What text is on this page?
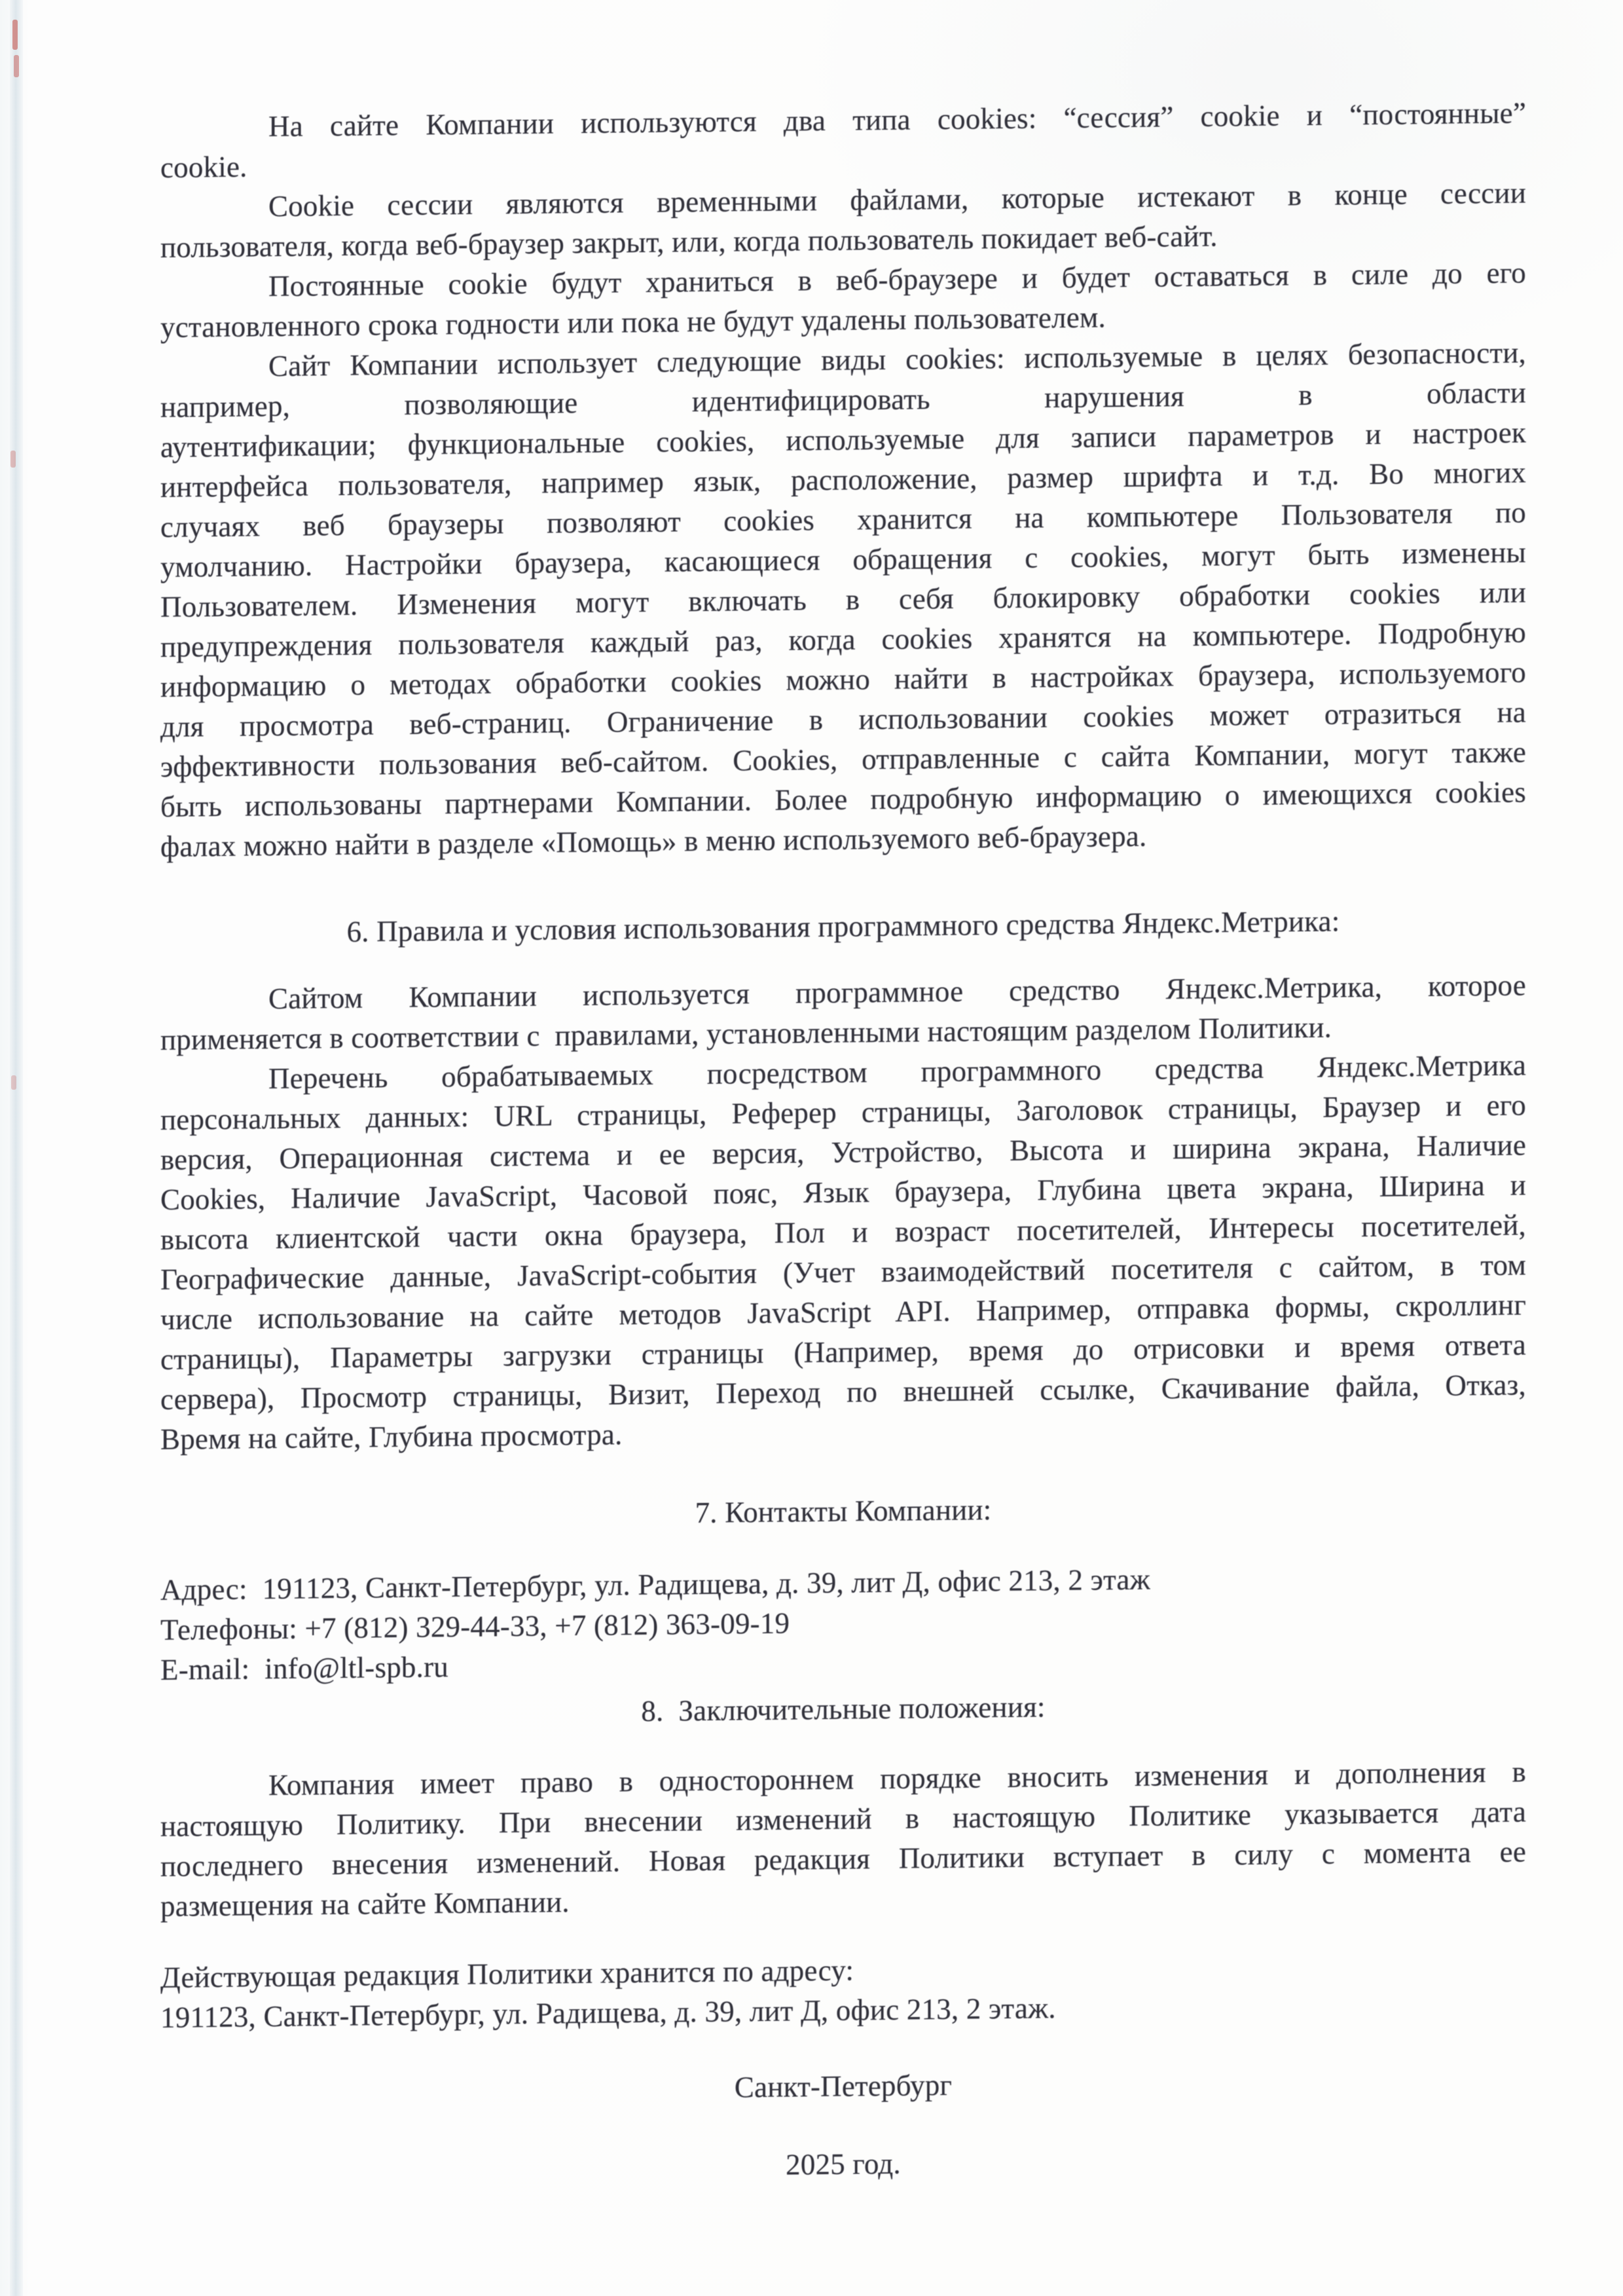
На сайте Компании используются два типа cookies: “сессия” cookie и “постоянные”
cookie.
Cookie сессии являются временными файлами, которые истекают в конце сессии
пользователя, когда веб-браузер закрыт, или, когда пользователь покидает веб-сайт.
Постоянные cookie будут храниться в веб-браузере и будет оставаться в силе до его
установленного срока годности или пока не будут удалены пользователем.
Сайт Компании использует следующие виды cookies: используемые в целях безопасности,
например, позволяющие идентифицировать нарушения в области
аутентификации; функциональные cookies, используемые для записи параметров и настроек
интерфейса пользователя, например язык, расположение, размер шрифта и т.д. Во многих
случаях веб браузеры позволяют cookies хранится на компьютере Пользователя по
умолчанию. Настройки браузера, касающиеся обращения с cookies, могут быть изменены
Пользователем. Изменения могут включать в себя блокировку обработки cookies или
предупреждения пользователя каждый раз, когда cookies хранятся на компьютере. Подробную
информацию о методах обработки cookies можно найти в настройках браузера, используемого
для просмотра веб-страниц. Ограничение в использовании cookies может отразиться на
эффективности пользования веб-сайтом. Cookies, отправленные с сайта Компании, могут также
быть использованы партнерами Компании. Более подробную информацию о имеющихся cookies
фалах можно найти в разделе «Помощь» в меню используемого веб-браузера.
6. Правила и условия использования программного средства Яндекс.Метрика:
Сайтом Компании используется программное средство Яндекс.Метрика, которое
применяется в соответствии с  правилами, установленными настоящим разделом Политики.
Перечень обрабатываемых посредством программного средства Яндекс.Метрика
персональных данных: URL страницы, Реферер страницы, Заголовок страницы, Браузер и его
версия, Операционная система и ее версия, Устройство, Высота и ширина экрана, Наличие
Cookies, Наличие JavaScript, Часовой пояс, Язык браузера, Глубина цвета экрана, Ширина и
высота клиентской части окна браузера, Пол и возраст посетителей, Интересы посетителей,
Географические данные, JavaScript-события (Учет взаимодействий посетителя с сайтом, в том
числе использование на сайте методов JavaScript API. Например, отправка формы, скроллинг
страницы), Параметры загрузки страницы (Например, время до отрисовки и время ответа
сервера), Просмотр страницы, Визит, Переход по внешней ссылке, Скачивание файла, Отказ,
Время на сайте, Глубина просмотра.
7. Контакты Компании:
Адрес:  191123, Санкт-Петербург, ул. Радищева, д. 39, лит Д, офис 213, 2 этаж
Телефоны: +7 (812) 329-44-33, +7 (812) 363-09-19
E-mail:  info@ltl-spb.ru
8.  Заключительные положения:
Компания имеет право в одностороннем порядке вносить изменения и дополнения в
настоящую Политику. При внесении изменений в настоящую Политике указывается дата
последнего внесения изменений. Новая редакция Политики вступает в силу с момента ее
размещения на сайте Компании.
Действующая редакция Политики хранится по адресу:
191123, Санкт-Петербург, ул. Радищева, д. 39, лит Д, офис 213, 2 этаж.
Санкт-Петербург
2025 год.
